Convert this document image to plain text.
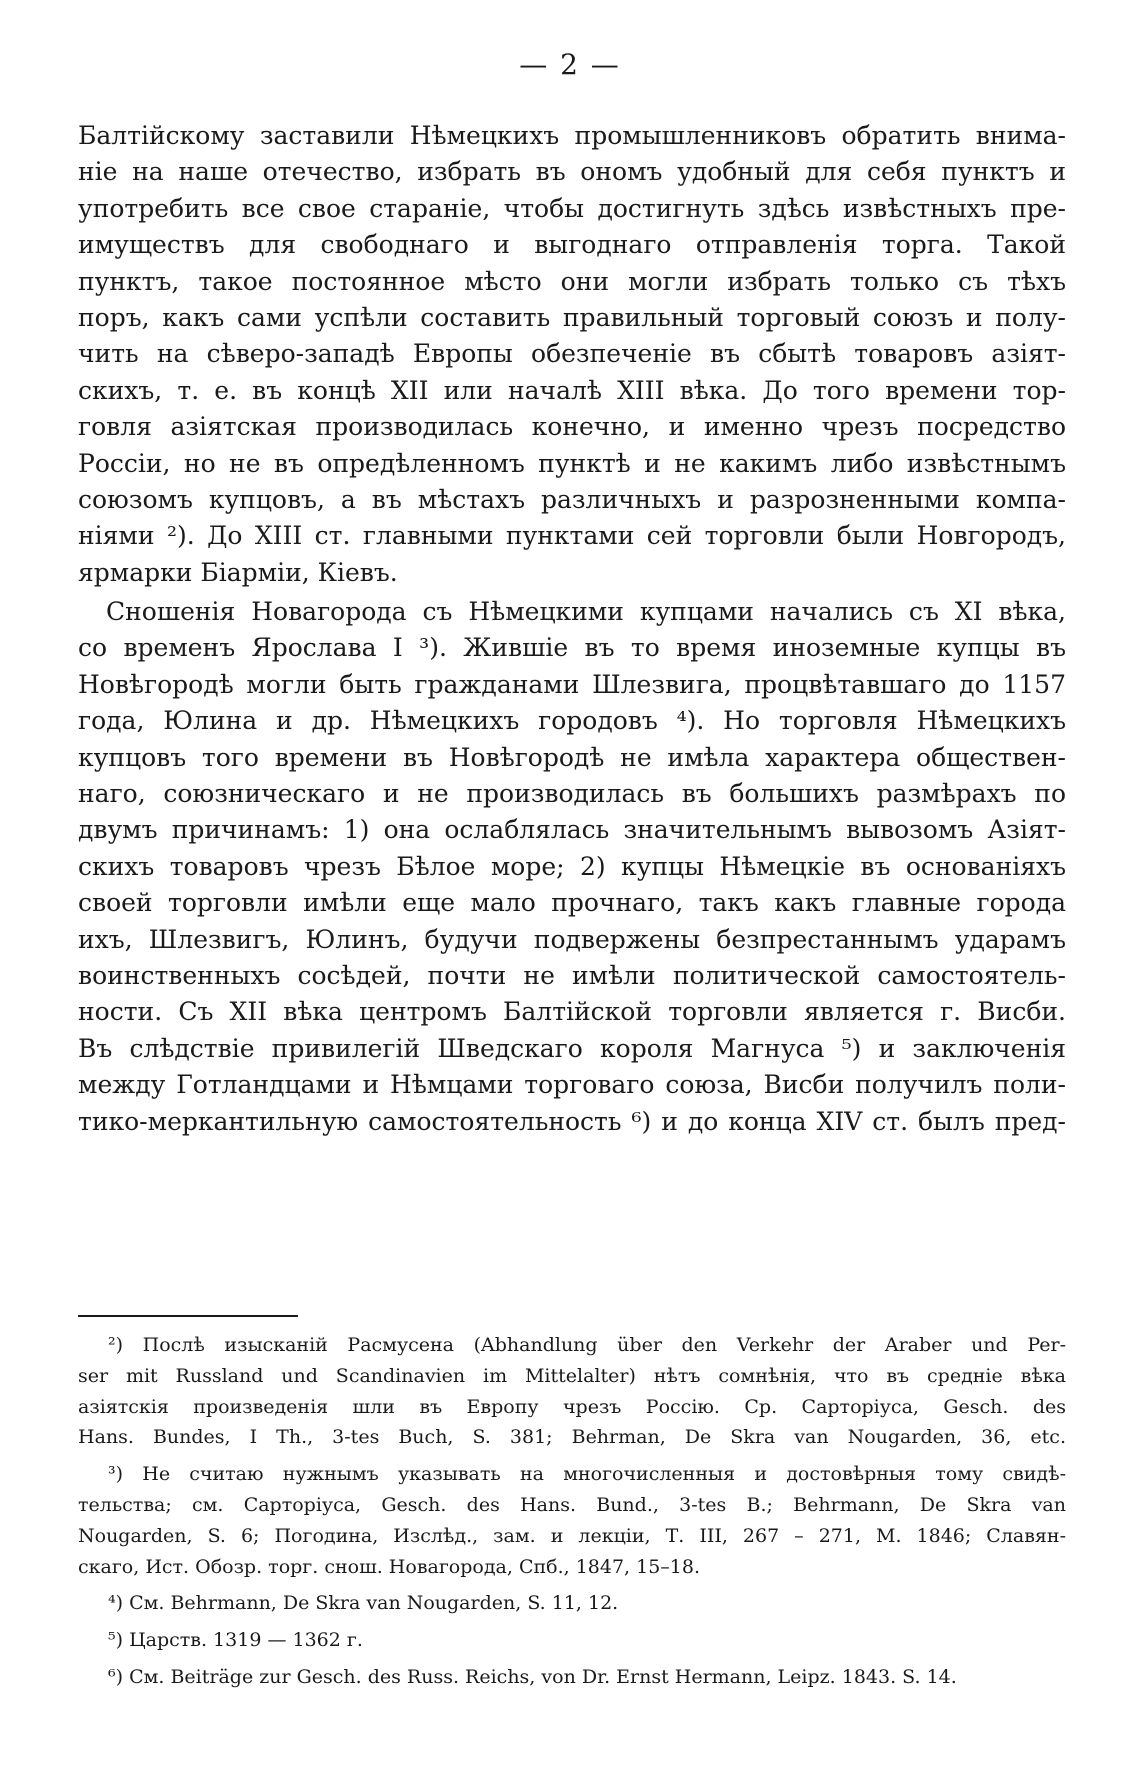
— 2 —
Балтійскому заставили Нѣмецкихъ промышленниковъ обратить внима-
ніе на наше отечество, избрать въ ономъ удобный для себя пунктъ и
употребить все свое стараніе, чтобы достигнуть здѣсь извѣстныхъ пре-
имуществъ для свободнаго и выгоднаго отправленія торга. Такой
пунктъ, такое постоянное мѣсто они могли избрать только съ тѣхъ
поръ, какъ сами успѣли составить правильный торговый союзъ и полу-
чить на сѣверо-западѣ Европы обезпеченіе въ сбытѣ товаровъ азіят-
скихъ, т. е. въ концѣ XII или началѣ XIII вѣка. До того времени тор-
говля азіятская производилась конечно, и именно чрезъ посредство
Россіи, но не въ опредѣленномъ пунктѣ и не какимъ либо извѣстнымъ
союзомъ купцовъ, а въ мѣстахъ различныхъ и разрозненными компа-
ніями ²). До XIII ст. главными пунктами сей торговли были Новгородъ,
ярмарки Біарміи, Кіевъ.
Сношенія Новагорода съ Нѣмецкими купцами начались съ XI вѣка,
со временъ Ярослава I ³). Жившіе въ то время иноземные купцы въ
Новѣгородѣ могли быть гражданами Шлезвига, процвѣтавшаго до 1157
года, Юлина и др. Нѣмецкихъ городовъ ⁴). Но торговля Нѣмецкихъ
купцовъ того времени въ Новѣгородѣ не имѣла характера обществен-
наго, союзническаго и не производилась въ большихъ размѣрахъ по
двумъ причинамъ: 1) она ослаблялась значительнымъ вывозомъ Азіят-
скихъ товаровъ чрезъ Бѣлое море; 2) купцы Нѣмецкіе въ основаніяхъ
своей торговли имѣли еще мало прочнаго, такъ какъ главные города
ихъ, Шлезвигъ, Юлинъ, будучи подвержены безпрестаннымъ ударамъ
воинственныхъ сосѣдей, почти не имѣли политической самостоятель-
ности. Съ XII вѣка центромъ Балтійской торговли является г. Висби.
Въ слѣдствіе привилегій Шведскаго короля Магнуса ⁵) и заключенія
между Готландцами и Нѣмцами торговаго союза, Висби получилъ поли-
тико-меркантильную самостоятельность ⁶) и до конца XIV ст. былъ пред-
²) Послѣ изысканій Расмусена (Abhandlung über den Verkehr der Araber und Per-
ser mit Russland und Scandinavien im Mittelalter) нѣтъ сомнѣнія, что въ средніе вѣка
азіятскія произведенія шли въ Европу чрезъ Россію. Ср. Сарторіуса, Gesch. des
Hans. Bundes, I Th., 3-tes Buch, S. 381; Behrman, De Skra van Nougarden, 36, etc.
³) Не считаю нужнымъ указывать на многочисленныя и достовѣрныя тому свидѣ-
тельства; см. Сарторіуса, Gesch. des Hans. Bund., 3-tes B.; Behrmann, De Skra van
Nougarden, S. 6; Погодина, Изслѣд., зам. и лекціи, Т. III, 267 – 271, М. 1846; Славян-
скаго, Ист. Обозр. торг. снош. Новагорода, Спб., 1847, 15–18.
⁴) См. Behrmann, De Skra van Nougarden, S. 11, 12.
⁵) Царств. 1319 — 1362 г.
⁶) См. Beiträge zur Gesch. des Russ. Reichs, von Dr. Ernst Hermann, Leipz. 1843. S. 14.
